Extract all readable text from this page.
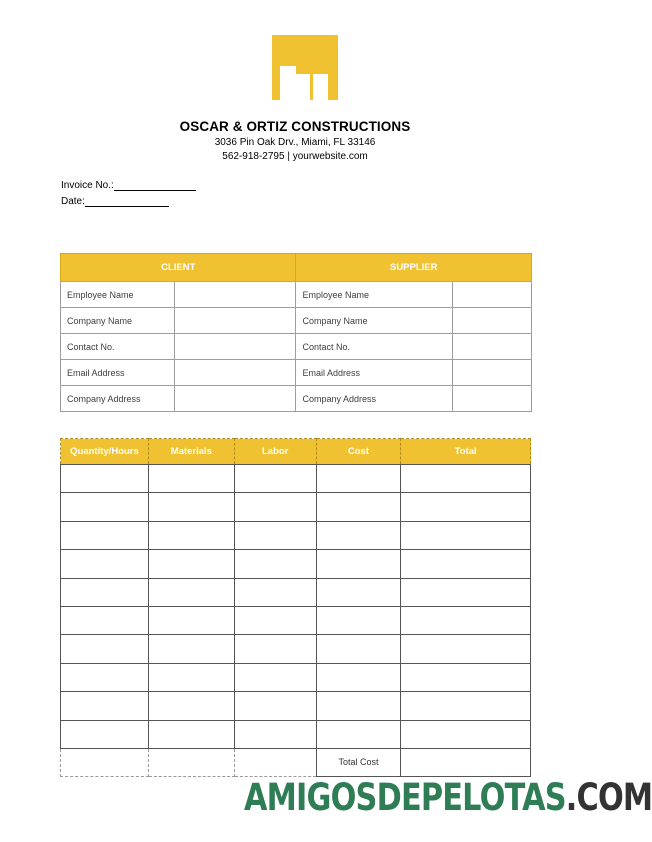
OSCAR & ORTIZ CONSTRUCTIONS
3036 Pin Oak Drv., Miami, FL 33146
562-918-2795 | yourwebsite.com
Invoice No.:
Date:
CLIENT		SUPPLIER	
Employee Name		Employee Name	
Company Name		Company Name	
Contact No.		Contact No.	
Email Address		Email Address	
Company Address		Company Address	
Quantity/Hours	Materials	Labor	Cost	Total

			Total Cost	
AMIGOSDEPELOTAS.COM
